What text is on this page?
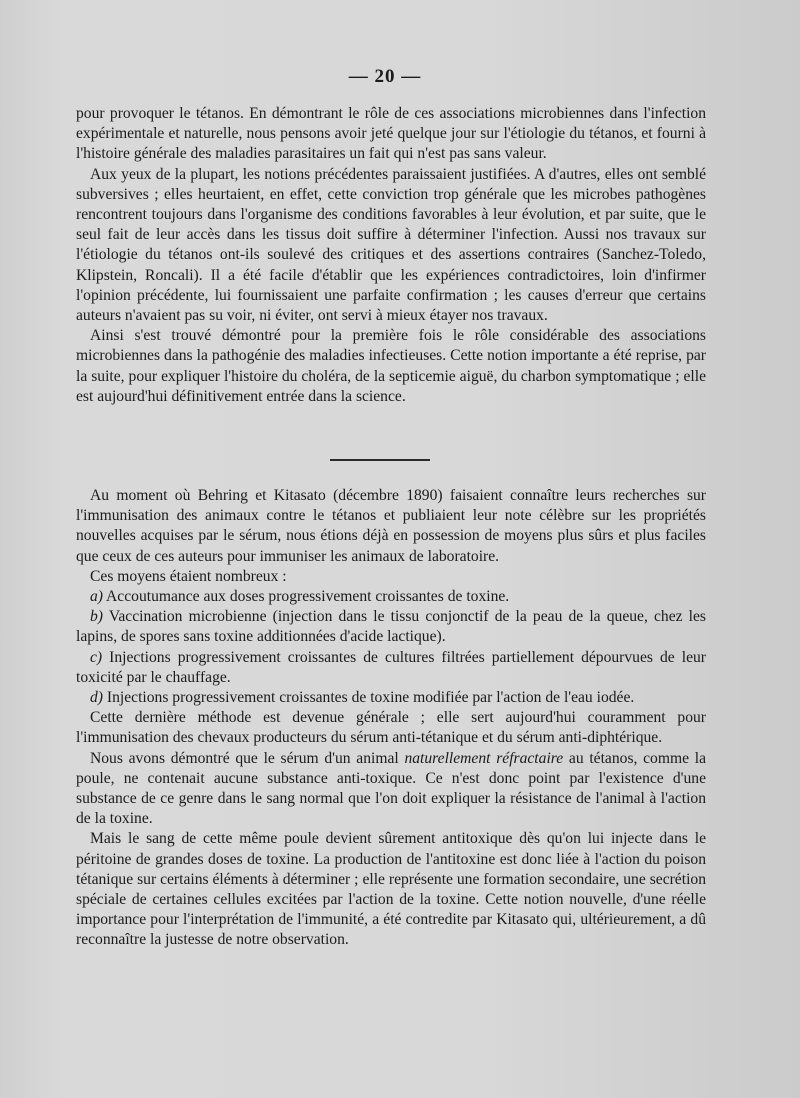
— 20 —

pour provoquer le tétanos. En démontrant le rôle de ces associations microbiennes dans l'infection expérimentale et naturelle, nous pensons avoir jeté quelque jour sur l'étiologie du tétanos, et fourni à l'histoire générale des maladies parasitaires un fait qui n'est pas sans valeur.

Aux yeux de la plupart, les notions précédentes paraissaient justifiées. A d'autres, elles ont semblé subversives ; elles heurtaient, en effet, cette conviction trop générale que les microbes pathogènes rencontrent toujours dans l'organisme des conditions favorables à leur évolution, et par suite, que le seul fait de leur accès dans les tissus doit suffire à déterminer l'infection. Aussi nos travaux sur l'étiologie du tétanos ont-ils soulevé des critiques et des assertions contraires (Sanchez-Toledo, Klipstein, Roncali). Il a été facile d'établir que les expériences contradictoires, loin d'infirmer l'opinion précédente, lui fournissaient une parfaite confirmation ; les causes d'erreur que certains auteurs n'avaient pas su voir, ni éviter, ont servi à mieux étayer nos travaux.

Ainsi s'est trouvé démontré pour la première fois le rôle considérable des associations microbiennes dans la pathogénie des maladies infectieuses. Cette notion importante a été reprise, par la suite, pour expliquer l'histoire du choléra, de la septicemie aiguë, du charbon symptomatique ; elle est aujourd'hui définitivement entrée dans la science.

Au moment où Behring et Kitasato (décembre 1890) faisaient connaître leurs recherches sur l'immunisation des animaux contre le tétanos et publiaient leur note célèbre sur les propriétés nouvelles acquises par le sérum, nous étions déjà en possession de moyens plus sûrs et plus faciles que ceux de ces auteurs pour immuniser les animaux de laboratoire.

Ces moyens étaient nombreux :

a) Accoutumance aux doses progressivement croissantes de toxine.

b) Vaccination microbienne (injection dans le tissu conjonctif de la peau de la queue, chez les lapins, de spores sans toxine additionnées d'acide lactique).

c) Injections progressivement croissantes de cultures filtrées partiellement dépourvues de leur toxicité par le chauffage.

d) Injections progressivement croissantes de toxine modifiée par l'action de l'eau iodée.

Cette dernière méthode est devenue générale ; elle sert aujourd'hui couramment pour l'immunisation des chevaux producteurs du sérum anti-tétanique et du sérum anti-diphtérique.

Nous avons démontré que le sérum d'un animal naturellement réfractaire au tétanos, comme la poule, ne contenait aucune substance anti-toxique. Ce n'est donc point par l'existence d'une substance de ce genre dans le sang normal que l'on doit expliquer la résistance de l'animal à l'action de la toxine.

Mais le sang de cette même poule devient sûrement antitoxique dès qu'on lui injecte dans le péritoine de grandes doses de toxine. La production de l'antitoxine est donc liée à l'action du poison tétanique sur certains éléments à déterminer ; elle représente une formation secondaire, une secrétion spéciale de certaines cellules excitées par l'action de la toxine. Cette notion nouvelle, d'une réelle importance pour l'interprétation de l'immunité, a été contredite par Kitasato qui, ultérieurement, a dû reconnaître la justesse de notre observation.
